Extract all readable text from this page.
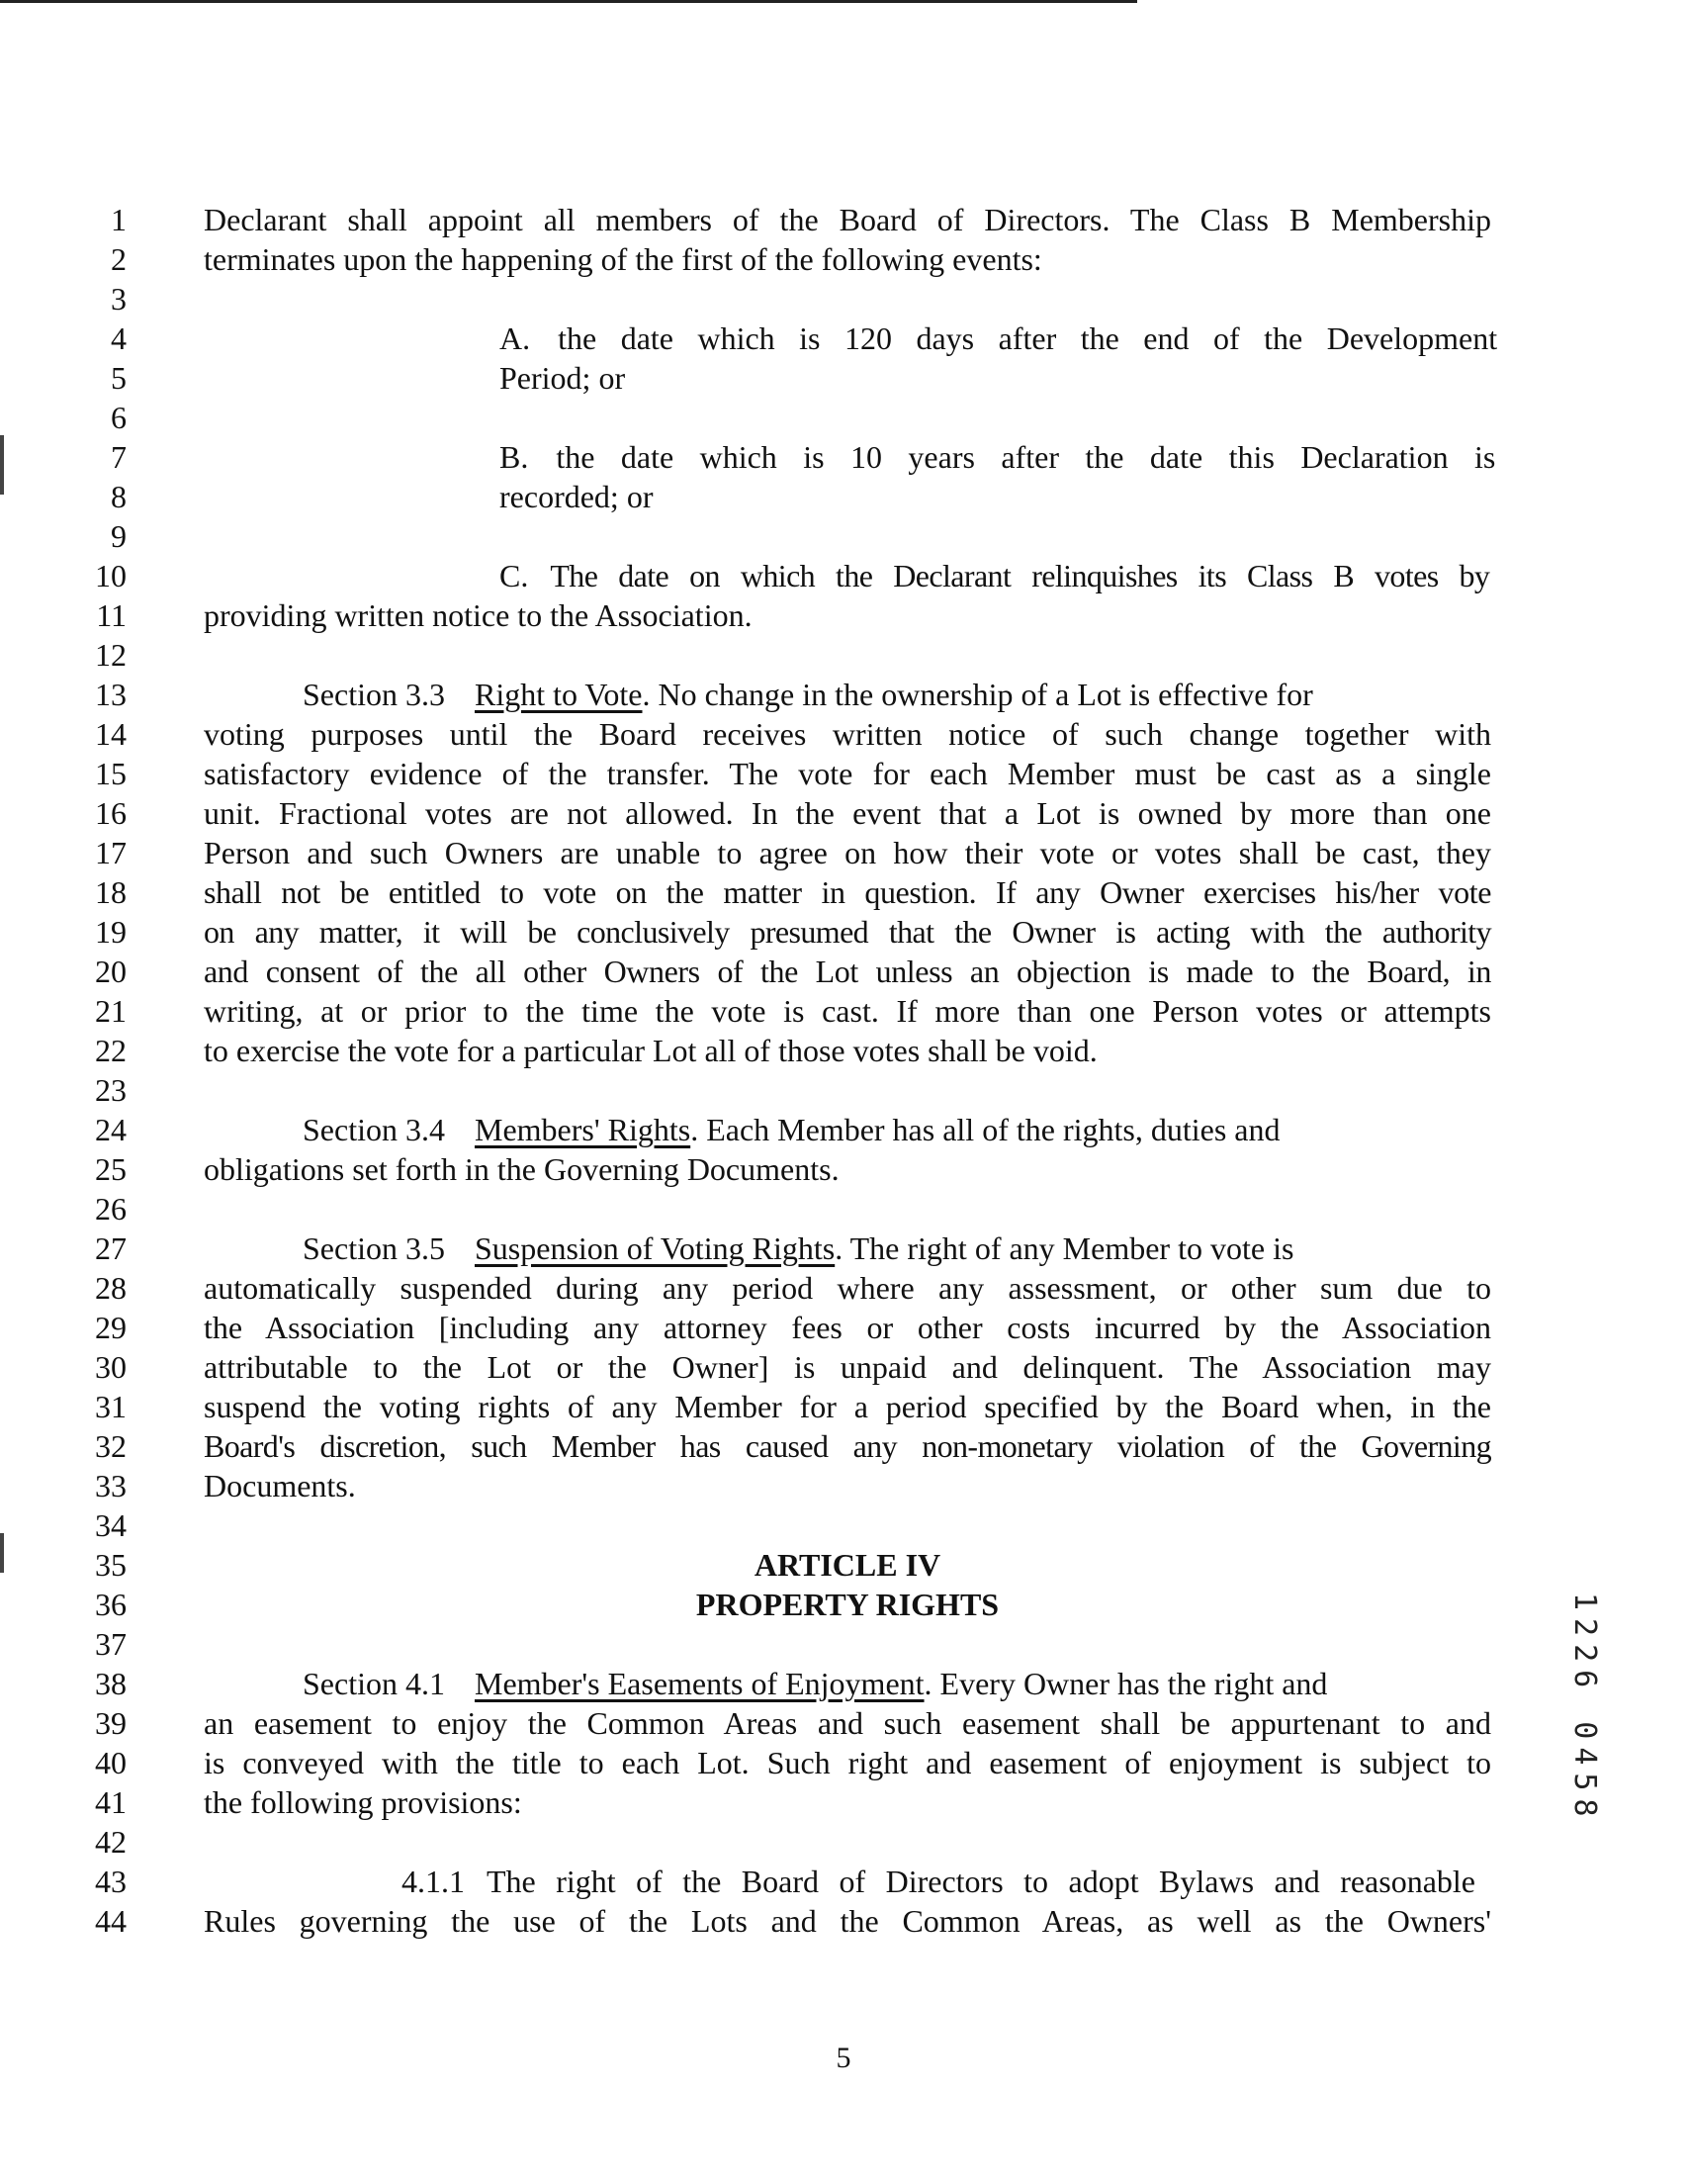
1 Declarant shall appoint all members of the Board of Directors. The Class B Membership
2 terminates upon the happening of the first of the following events:
3
4	A. the date which is 120 days after the end of the Development
5	Period; or
6
7	B. the date which is 10 years after the date this Declaration is
8	recorded; or
9
10	C. The date on which the Declarant relinquishes its Class B votes by
11 providing written notice to the Association.
12
13	Section 3.3 Right to Vote. No change in the ownership of a Lot is effective for
14 voting purposes until the Board receives written notice of such change together with
15 satisfactory evidence of the transfer. The vote for each Member must be cast as a single
16 unit. Fractional votes are not allowed. In the event that a Lot is owned by more than one
17 Person and such Owners are unable to agree on how their vote or votes shall be cast, they
18 shall not be entitled to vote on the matter in question. If any Owner exercises his/her vote
19 on any matter, it will be conclusively presumed that the Owner is acting with the authority
20 and consent of the all other Owners of the Lot unless an objection is made to the Board, in
21 writing, at or prior to the time the vote is cast. If more than one Person votes or attempts
22 to exercise the vote for a particular Lot all of those votes shall be void.
23
24	Section 3.4 Members' Rights. Each Member has all of the rights, duties and
25 obligations set forth in the Governing Documents.
26
27	Section 3.5 Suspension of Voting Rights. The right of any Member to vote is
28 automatically suspended during any period where any assessment, or other sum due to
29 the Association [including any attorney fees or other costs incurred by the Association
30 attributable to the Lot or the Owner] is unpaid and delinquent. The Association may
31 suspend the voting rights of any Member for a period specified by the Board when, in the
32 Board's discretion, such Member has caused any non-monetary violation of the Governing
33 Documents.
34
35	ARTICLE IV
36	PROPERTY RIGHTS
37
38	Section 4.1 Member's Easements of Enjoyment. Every Owner has the right and
39 an easement to enjoy the Common Areas and such easement shall be appurtenant to and
40 is conveyed with the title to each Lot. Such right and easement of enjoyment is subject to
41 the following provisions:
42
43	4.1.1 The right of the Board of Directors to adopt Bylaws and reasonable
44 Rules governing the use of the Lots and the Common Areas, as well as the Owners'
5
1226 0458
